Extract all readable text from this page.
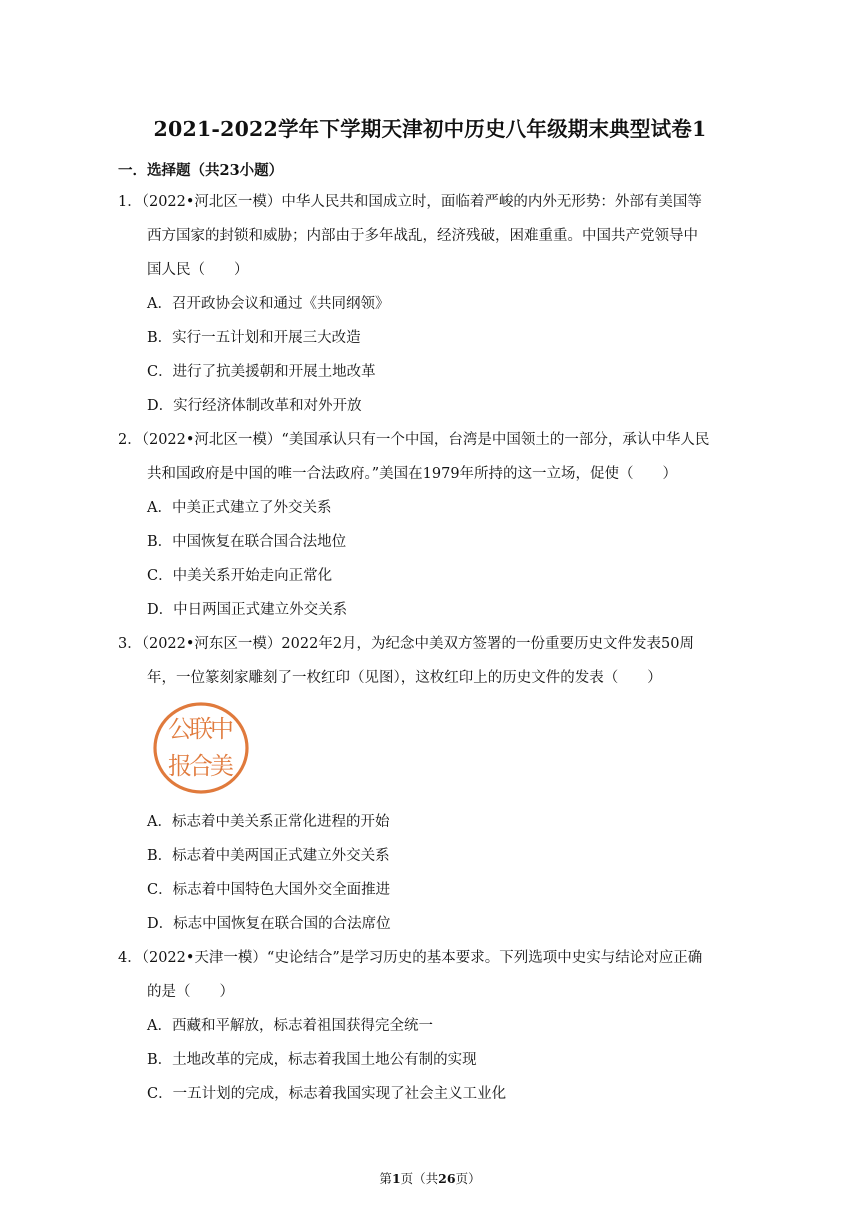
2021-2022学年下学期天津初中历史八年级期末典型试卷1
一．选择题（共23小题）
1．（2022•河北区一模）中华人民共和国成立时，面临着严峻的内外无形势：外部有美国等
西方国家的封锁和威胁；内部由于多年战乱，经济残破，困难重重。中国共产党领导中
国人民（　　）
A．召开政协会议和通过《共同纲领》
B．实行一五计划和开展三大改造
C．进行了抗美援朝和开展土地改革
D．实行经济体制改革和对外开放
2．（2022•河北区一模）“美国承认只有一个中国，台湾是中国领土的一部分，承认中华人民
共和国政府是中国的唯一合法政府。”美国在1979年所持的这一立场，促使（　　）
A．中美正式建立了外交关系
B．中国恢复在联合国合法地位
C．中美关系开始走向正常化
D．中日两国正式建立外交关系
3．（2022•河东区一模）2022年2月，为纪念中美双方签署的一份重要历史文件发表50周
年，一位篆刻家雕刻了一枚红印（见图），这枚红印上的历史文件的发表（　　）
中
美
联
合
公
报
A．标志着中美关系正常化进程的开始
B．标志着中美两国正式建立外交关系
C．标志着中国特色大国外交全面推进
D．标志中国恢复在联合国的合法席位
4．（2022•天津一模）“史论结合”是学习历史的基本要求。下列选项中史实与结论对应正确
的是（　　）
A．西藏和平解放，标志着祖国获得完全统一
B．土地改革的完成，标志着我国土地公有制的实现
C．一五计划的完成，标志着我国实现了社会主义工业化
第1页（共26页）
